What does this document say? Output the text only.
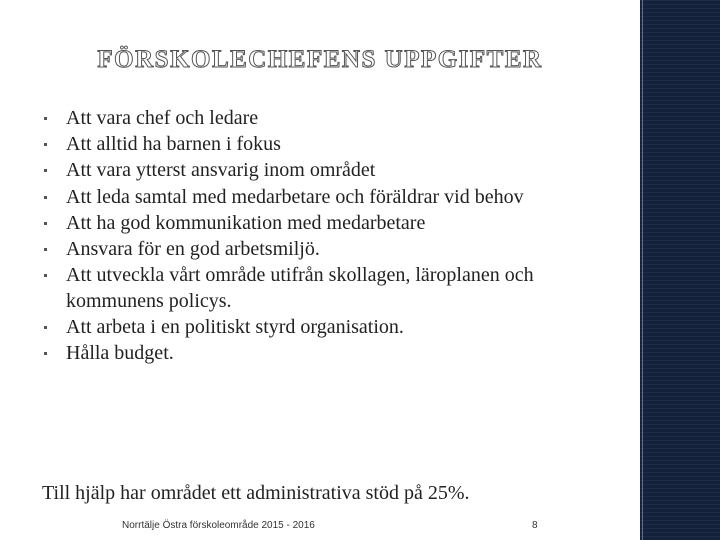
FÖRSKOLECHEFENS UPPGIFTER
Att vara chef och ledare
Att alltid ha barnen i fokus
Att vara ytterst ansvarig inom området
Att leda samtal med medarbetare och föräldrar vid behov
Att ha god kommunikation med medarbetare
Ansvara för en god arbetsmiljö.
Att utveckla vårt område utifrån skollagen, läroplanen och kommunens policys.
Att arbeta i en politiskt styrd organisation.
Hålla budget.

Till hjälp har området ett administrativa stöd på 25%.

Norrtälje Östra förskoleområde 2015 - 2016	8
